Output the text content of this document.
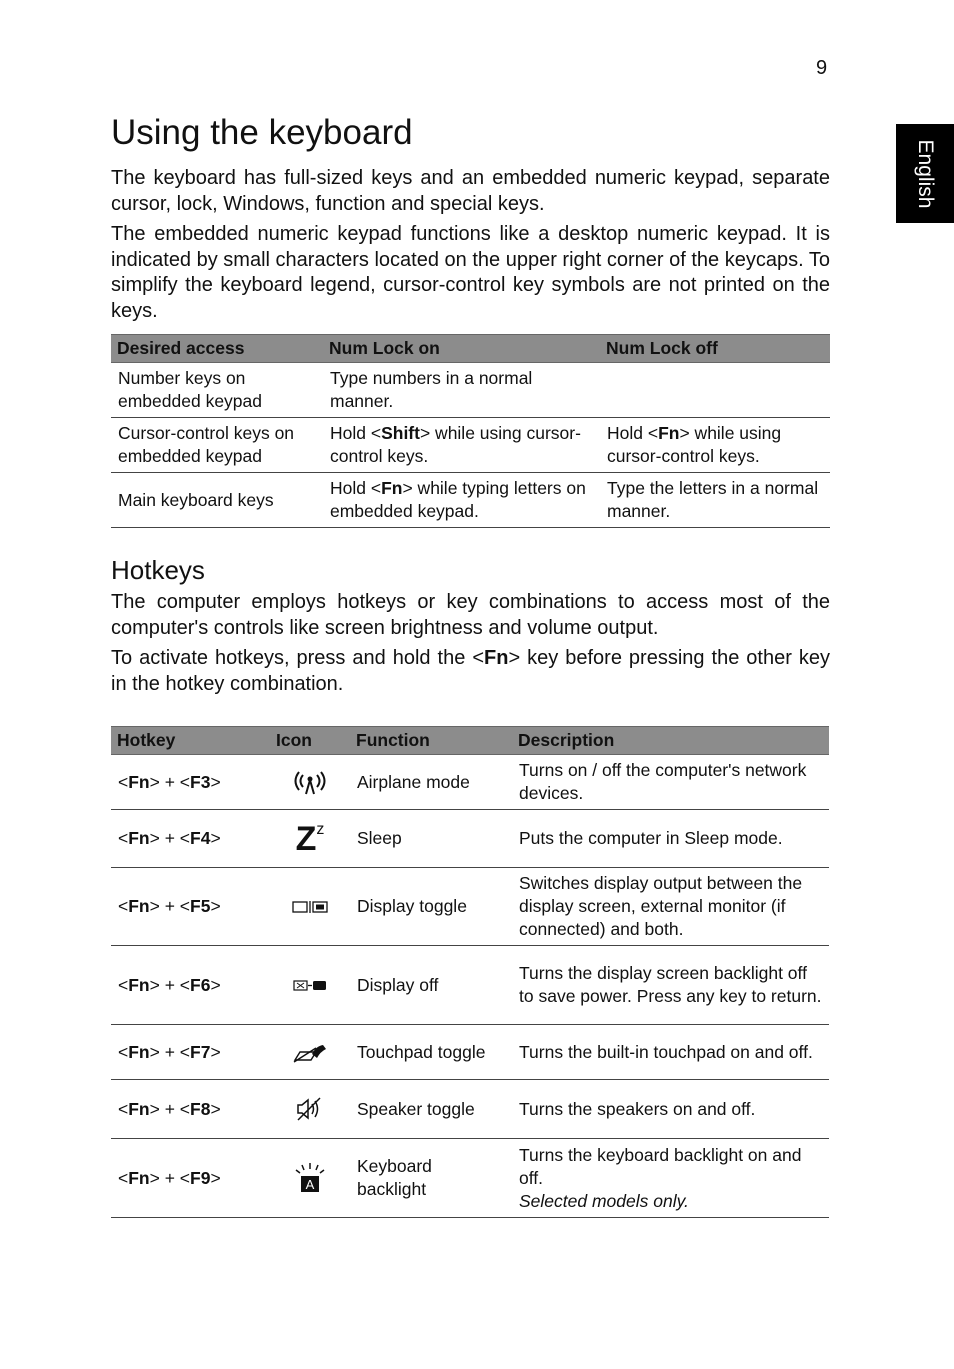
9
English
Using the keyboard

The keyboard has full-sized keys and an embedded numeric keypad, separate cursor, lock, Windows, function and special keys.

The embedded numeric keypad functions like a desktop numeric keypad. It is indicated by small characters located on the upper right corner of the keycaps. To simplify the keyboard legend, cursor-control key symbols are not printed on the keys.

Desired access	Num Lock on	Num Lock off
Number keys on embedded keypad	Type numbers in a normal manner.	
Cursor-control keys on embedded keypad	Hold <Shift> while using cursor-control keys.	Hold <Fn> while using cursor-control keys.
Main keyboard keys	Hold <Fn> while typing letters on embedded keypad.	Type the letters in a normal manner.
Hotkeys

The computer employs hotkeys or key combinations to access most of the computer's controls like screen brightness and volume output.

To activate hotkeys, press and hold the <Fn> key before pressing the other key in the hotkey combination.

Hotkey	Icon	Function	Description
<Fn> + <F3>		Airplane mode	Turns on / off the computer's network devices.
<Fn> + <F4>	Zz	Sleep	Puts the computer in Sleep mode.
<Fn> + <F5>		Display toggle	Switches display output between the display screen, external monitor (if connected) and both.
<Fn> + <F6>		Display off	Turns the display screen backlight off to save power. Press any key to return.
<Fn> + <F7>		Touchpad toggle	Turns the built-in touchpad on and off.
<Fn> + <F8>		Speaker toggle	Turns the speakers on and off.
<Fn> + <F9>	A	Keyboard backlight	Turns the keyboard backlight on and off.
Selected models only.
